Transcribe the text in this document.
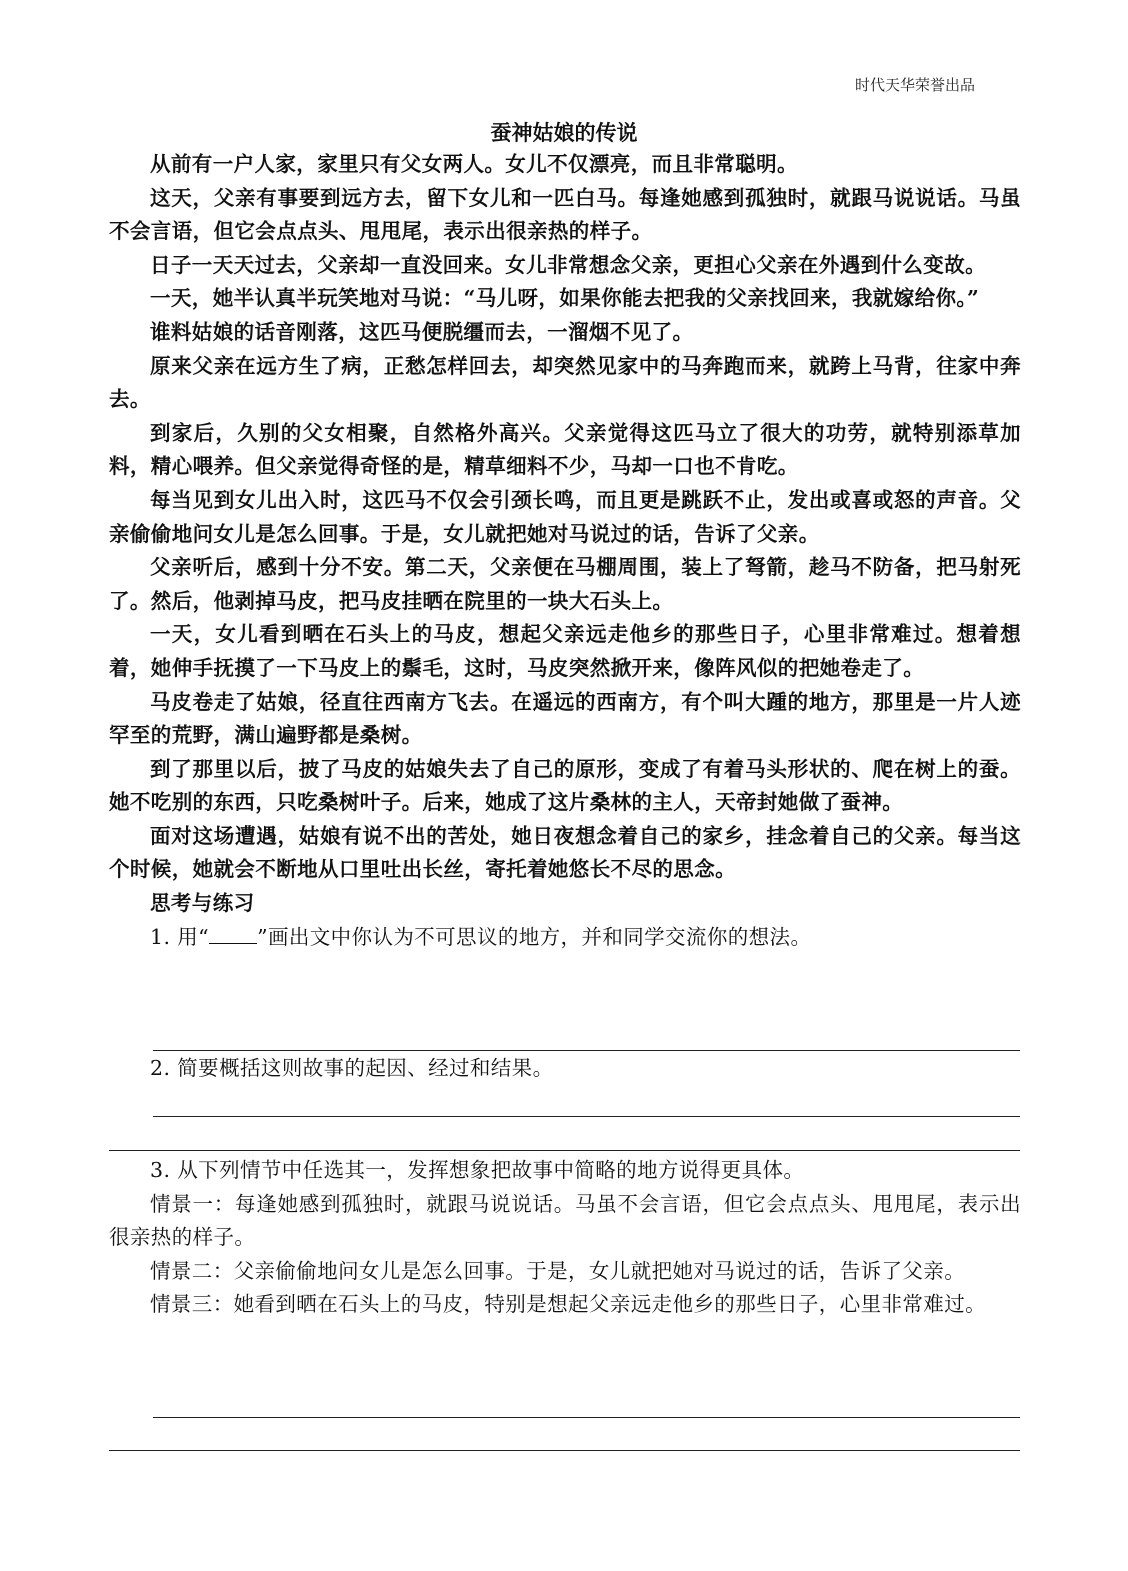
时代天华荣誉出品
蚕神姑娘的传说

从前有一户人家，家里只有父女两人。女儿不仅漂亮，而且非常聪明。

这天，父亲有事要到远方去，留下女儿和一匹白马。每逢她感到孤独时，就跟马说说话。马虽不会言语，但它会点点头、甩甩尾，表示出很亲热的样子。

日子一天天过去，父亲却一直没回来。女儿非常想念父亲，更担心父亲在外遇到什么变故。

一天，她半认真半玩笑地对马说：“马儿呀，如果你能去把我的父亲找回来，我就嫁给你。”

谁料姑娘的话音刚落，这匹马便脱缰而去，一溜烟不见了。

原来父亲在远方生了病，正愁怎样回去，却突然见家中的马奔跑而来，就跨上马背，往家中奔去。

到家后，久别的父女相聚，自然格外高兴。父亲觉得这匹马立了很大的功劳，就特别添草加料，精心喂养。但父亲觉得奇怪的是，精草细料不少，马却一口也不肯吃。

每当见到女儿出入时，这匹马不仅会引颈长鸣，而且更是跳跃不止，发出或喜或怒的声音。父亲偷偷地问女儿是怎么回事。于是，女儿就把她对马说过的话，告诉了父亲。

父亲听后，感到十分不安。第二天，父亲便在马棚周围，装上了弩箭，趁马不防备，把马射死了。然后，他剥掉马皮，把马皮挂晒在院里的一块大石头上。

一天，女儿看到晒在石头上的马皮，想起父亲远走他乡的那些日子，心里非常难过。想着想着，她伸手抚摸了一下马皮上的鬃毛，这时，马皮突然掀开来，像阵风似的把她卷走了。

马皮卷走了姑娘，径直往西南方飞去。在遥远的西南方，有个叫大踵的地方，那里是一片人迹罕至的荒野，满山遍野都是桑树。

到了那里以后，披了马皮的姑娘失去了自己的原形，变成了有着马头形状的、爬在树上的蚕。她不吃别的东西，只吃桑树叶子。后来，她成了这片桑林的主人，天帝封她做了蚕神。

面对这场遭遇，姑娘有说不出的苦处，她日夜想念着自己的家乡，挂念着自己的父亲。每当这个时候，她就会不断地从口里吐出长丝，寄托着她悠长不尽的思念。

思考与练习

1. 用“ ”画出文中你认为不可思议的地方，并和同学交流你的想法。

2. 简要概括这则故事的起因、经过和结果。

3. 从下列情节中任选其一，发挥想象把故事中简略的地方说得更具体。

情景一：每逢她感到孤独时，就跟马说说话。马虽不会言语，但它会点点头、甩甩尾，表示出很亲热的样子。

情景二：父亲偷偷地问女儿是怎么回事。于是，女儿就把她对马说过的话，告诉了父亲。

情景三：她看到晒在石头上的马皮，特别是想起父亲远走他乡的那些日子，心里非常难过。
